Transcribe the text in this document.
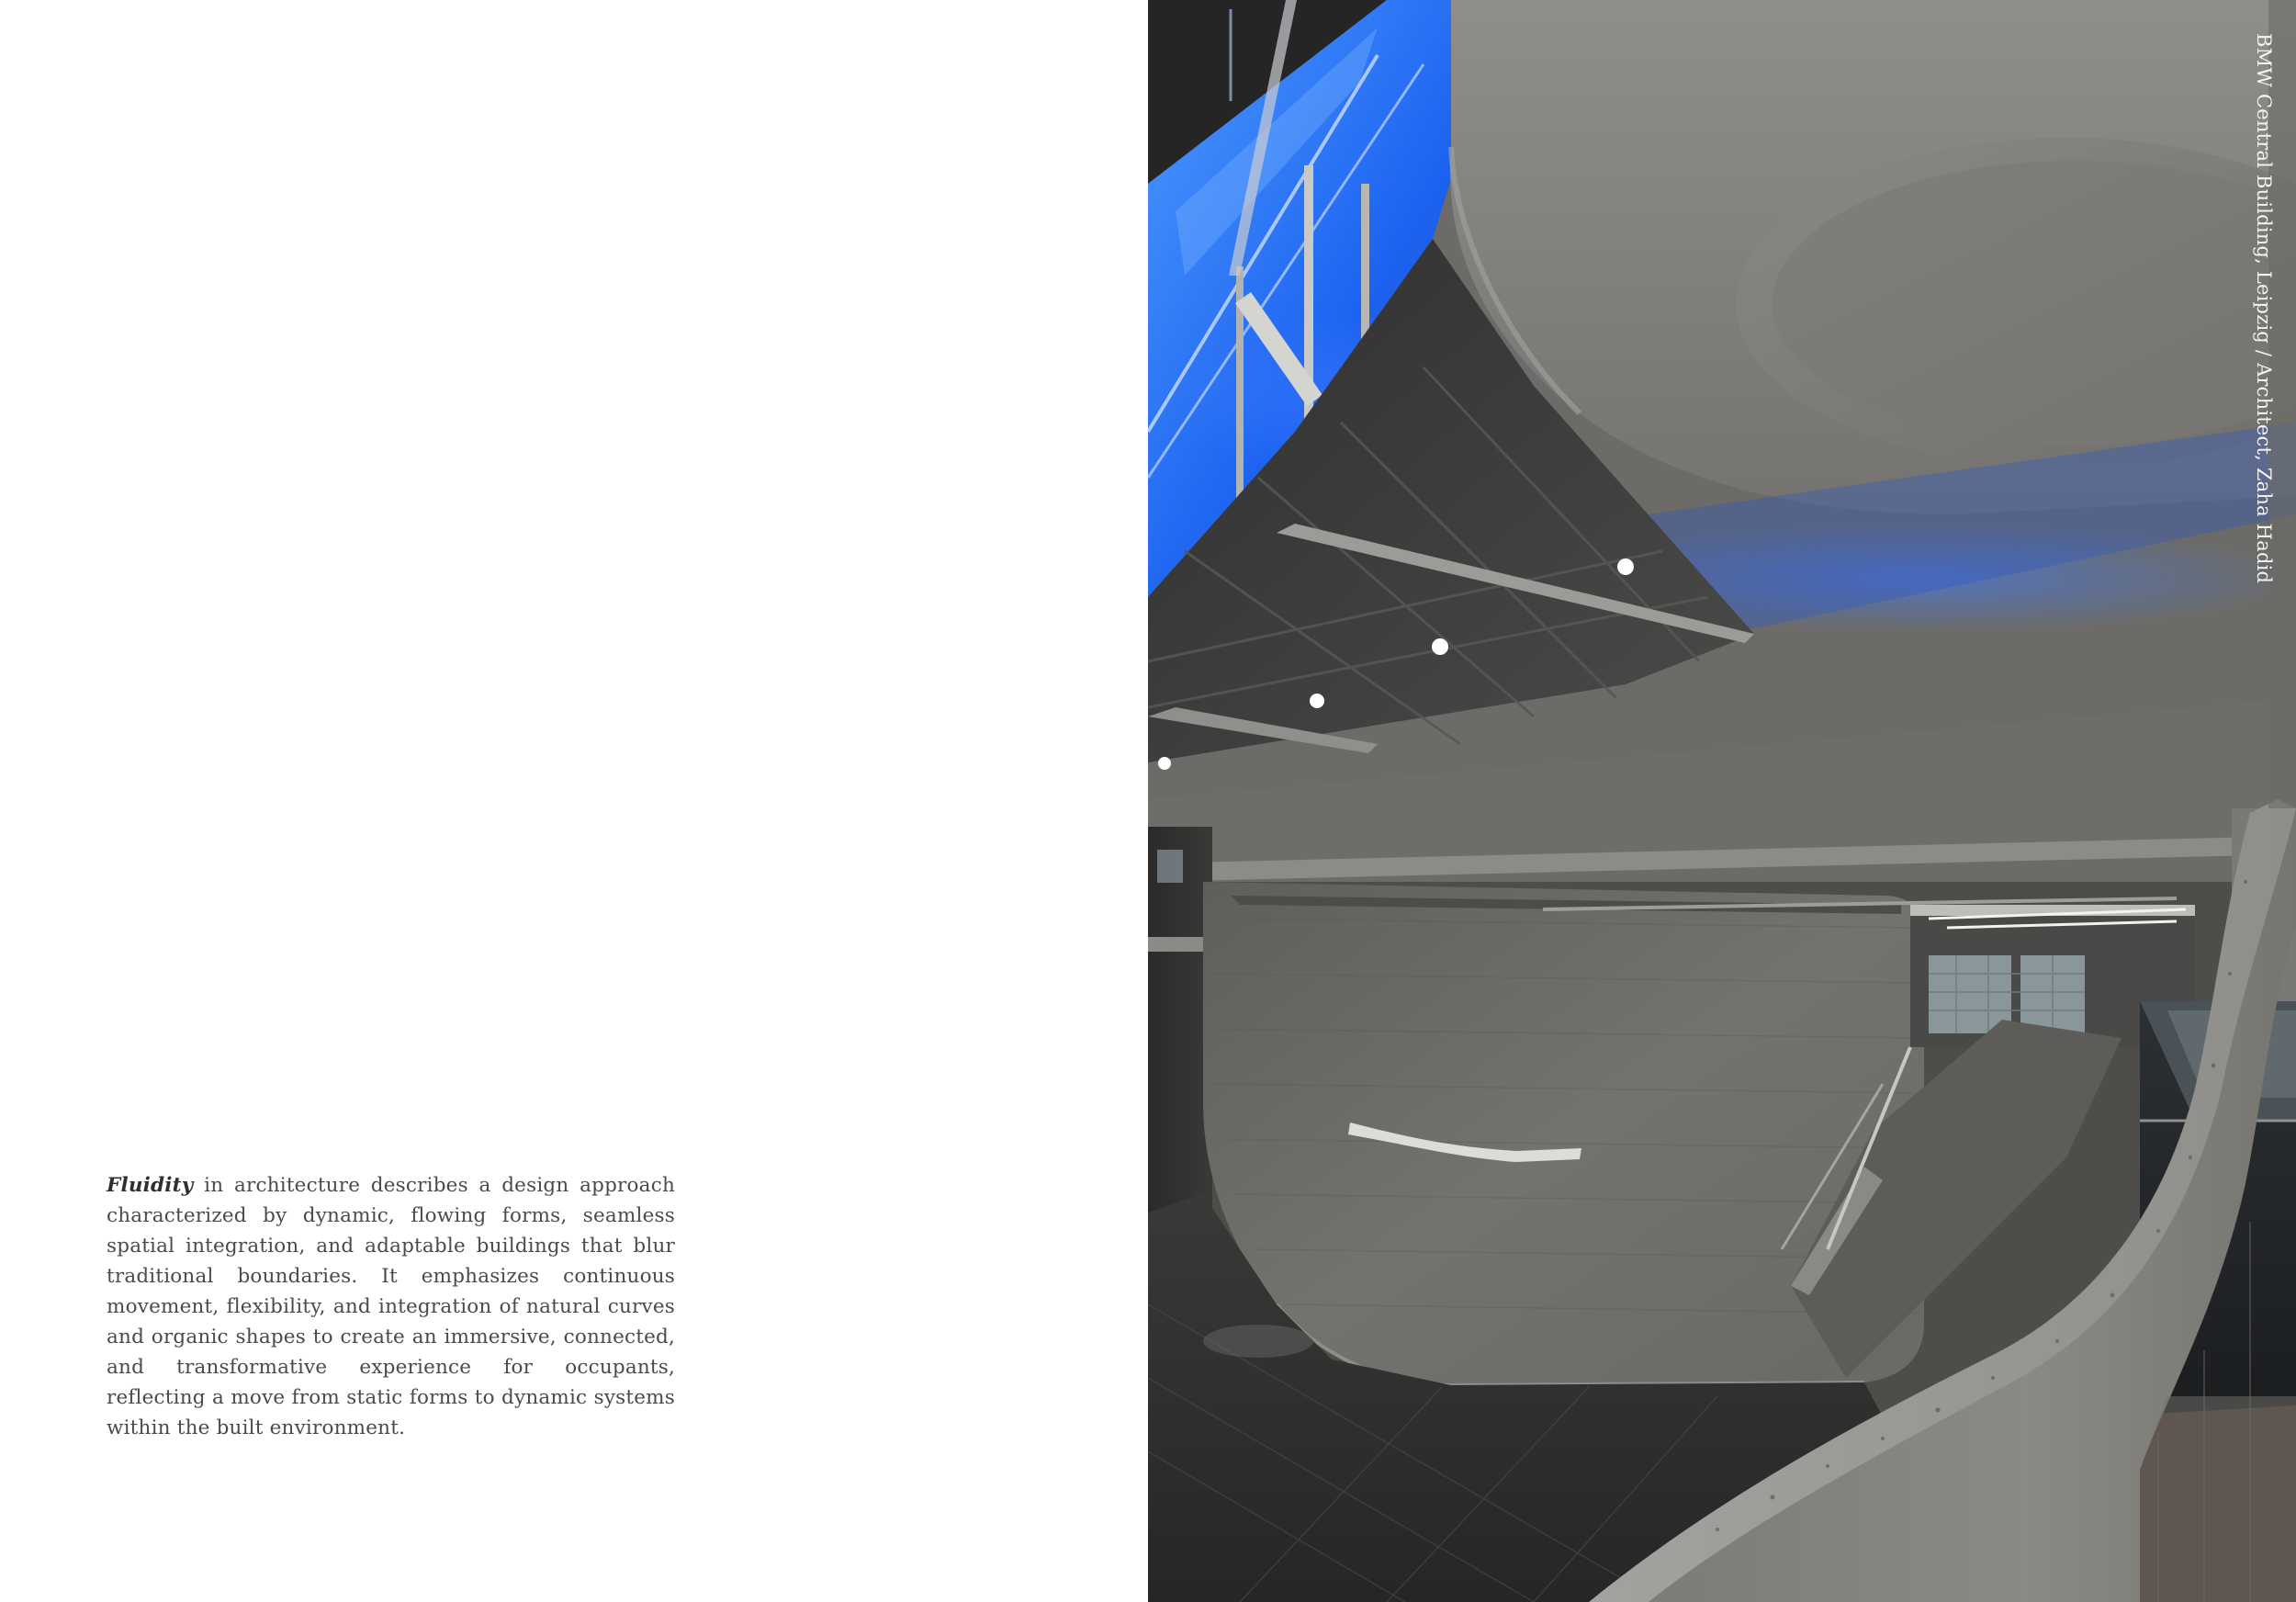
Fluidity in architecture describes a design approach characterized by dynamic, flowing forms, seamless spatial integration, and adaptable buildings that blur traditional boundaries. It emphasizes continuous movement, flexibility, and integration of natural curves and organic shapes to create an immersive, connected, and transformative experience for occupants, reflecting a move from static forms to dynamic systems within the built environment.

BMW Central Building, Leipzig / Architect, Zaha Hadid
